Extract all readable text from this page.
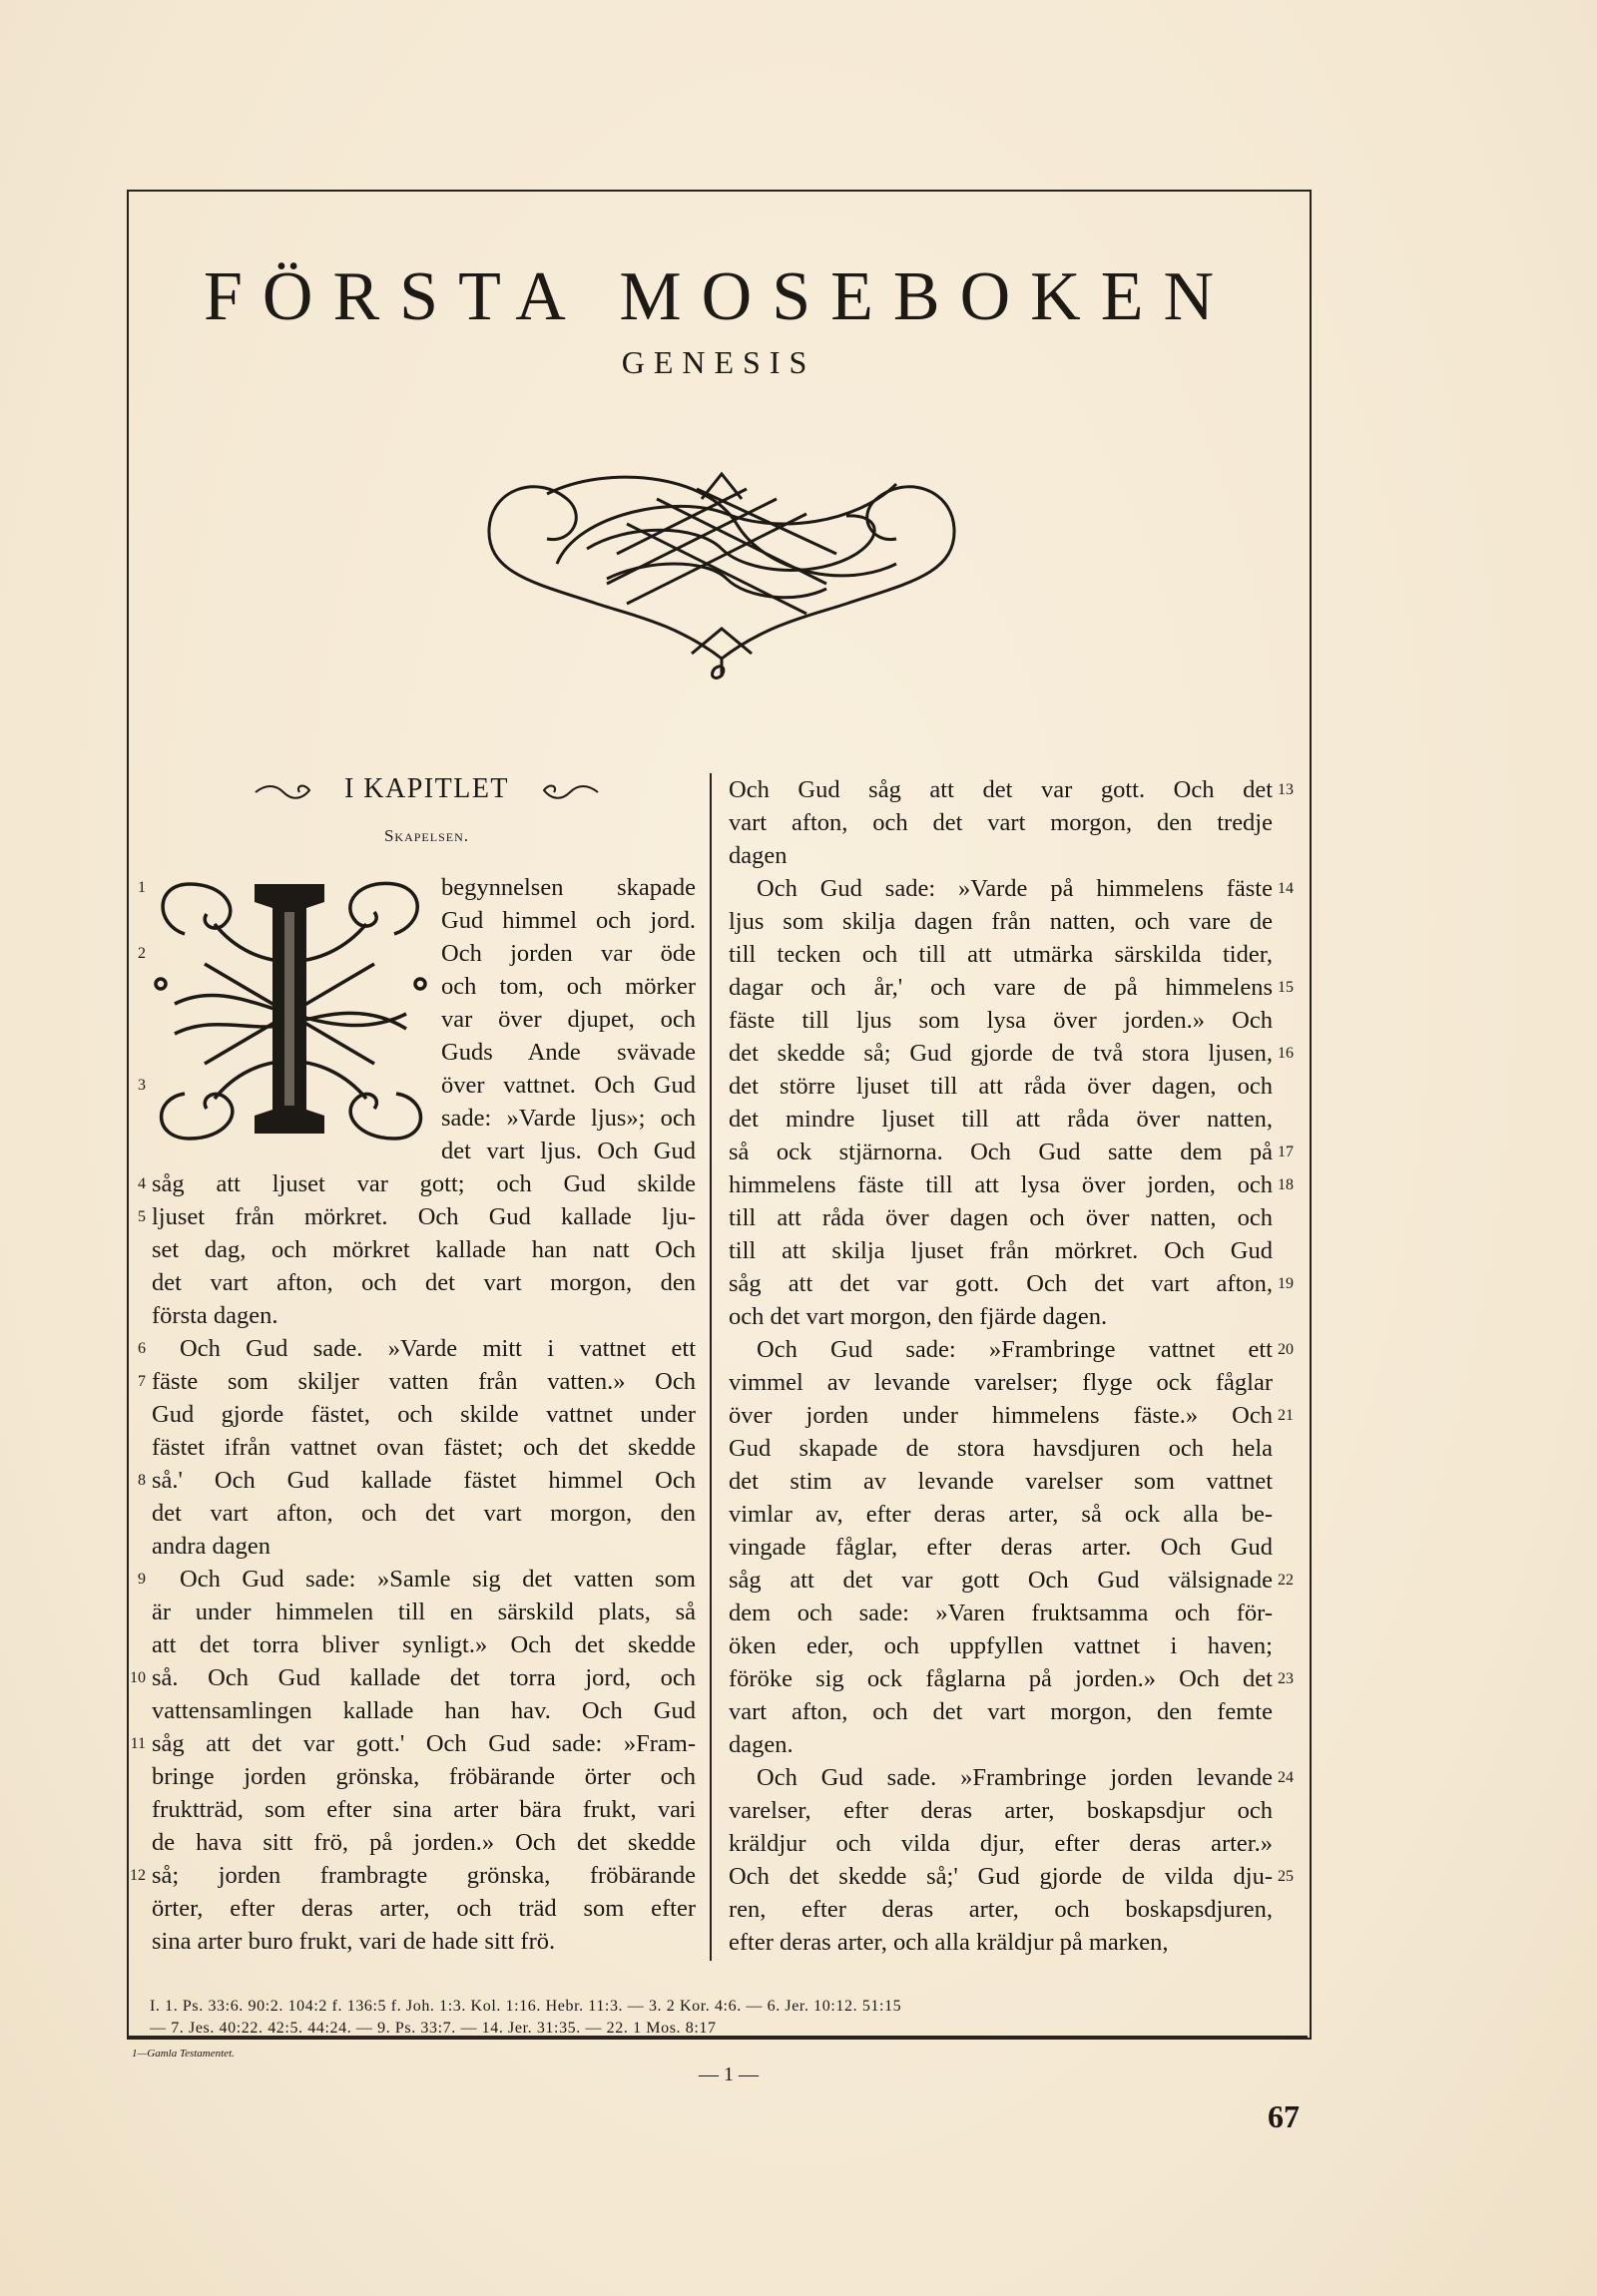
FÖRSTA MOSEBOKEN
GENESIS
I KAPITLET
Skapelsen.
I. 1. Ps. 33:6. 90:2. 104:2 f. 136:5 f. Joh. 1:3. Kol. 1:16. Hebr. 11:3. — 3. 2 Kor. 4:6. — 6. Jer. 10:12. 51:15
— 7. Jes. 40:22. 42:5. 44:24. — 9. Ps. 33:7. — 14. Jer. 31:35. — 22. 1 Mos. 8:17
1—Gamla Testamentet.
— 1 —
67
begynnelsen skapade
Gud himmel och jord.
Och jorden var öde
och tom, och mörker
var över djupet, och
Guds Ande svävade
över vattnet. Och Gud
sade: »Varde ljus»; och
det vart ljus. Och Gud
såg att ljuset var gott; och Gud skilde
ljuset från mörkret. Och Gud kallade lju-
set dag, och mörkret kallade han natt Och
det vart afton, och det vart morgon, den
första dagen.
Och Gud sade. »Varde mitt i vattnet ett
fäste som skiljer vatten från vatten.» Och
Gud gjorde fästet, och skilde vattnet under
fästet ifrån vattnet ovan fästet; och det skedde
så.' Och Gud kallade fästet himmel Och
det vart afton, och det vart morgon, den
andra dagen
Och Gud sade: »Samle sig det vatten som
är under himmelen till en särskild plats, så
att det torra bliver synligt.» Och det skedde
så. Och Gud kallade det torra jord, och
vattensamlingen kallade han hav. Och Gud
såg att det var gott.' Och Gud sade: »Fram-
bringe jorden grönska, fröbärande örter och
fruktträd, som efter sina arter bära frukt, vari
de hava sitt frö, på jorden.» Och det skedde
så; jorden frambragte grönska, fröbärande
örter, efter deras arter, och träd som efter
sina arter buro frukt, vari de hade sitt frö.
1
2
3
4
5
6
7
8
9
10
11
12
Och Gud såg att det var gott. Och det
vart afton, och det vart morgon, den tredje
dagen
Och Gud sade: »Varde på himmelens fäste
ljus som skilja dagen från natten, och vare de
till tecken och till att utmärka särskilda tider,
dagar och år,' och vare de på himmelens
fäste till ljus som lysa över jorden.» Och
det skedde så; Gud gjorde de två stora ljusen,
det större ljuset till att råda över dagen, och
det mindre ljuset till att råda över natten,
så ock stjärnorna. Och Gud satte dem på
himmelens fäste till att lysa över jorden, och
till att råda över dagen och över natten, och
till att skilja ljuset från mörkret. Och Gud
såg att det var gott. Och det vart afton,
och det vart morgon, den fjärde dagen.
Och Gud sade: »Frambringe vattnet ett
vimmel av levande varelser; flyge ock fåglar
över jorden under himmelens fäste.» Och
Gud skapade de stora havsdjuren och hela
det stim av levande varelser som vattnet
vimlar av, efter deras arter, så ock alla be-
vingade fåglar, efter deras arter. Och Gud
såg att det var gott Och Gud välsignade
dem och sade: »Varen fruktsamma och för-
öken eder, och uppfyllen vattnet i haven;
föröke sig ock fåglarna på jorden.» Och det
vart afton, och det vart morgon, den femte
dagen.
Och Gud sade. »Frambringe jorden levande
varelser, efter deras arter, boskapsdjur och
kräldjur och vilda djur, efter deras arter.»
Och det skedde så;' Gud gjorde de vilda dju-
ren, efter deras arter, och boskapsdjuren,
efter deras arter, och alla kräldjur på marken,
13
14
15
16
17
18
19
20
21
22
23
24
25
